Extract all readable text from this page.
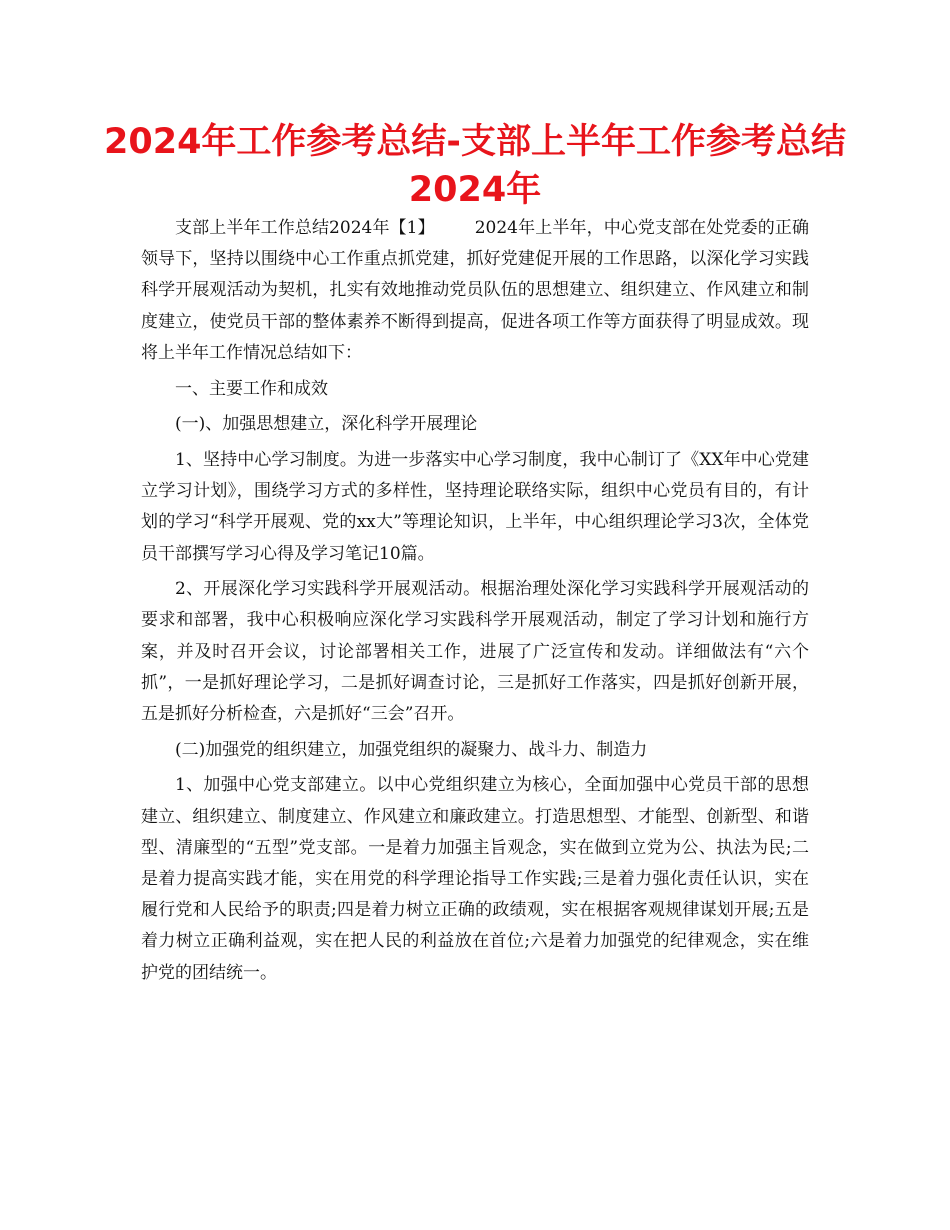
2024年工作参考总结-支部上半年工作参考总结2024年

支部上半年工作总结2024年【1】 2024年上半年，中心党支部在处党委的正确领导下，坚持以围绕中心工作重点抓党建，抓好党建促开展的工作思路，以深化学习实践科学开展观活动为契机，扎实有效地推动党员队伍的思想建立、组织建立、作风建立和制度建立，使党员干部的整体素养不断得到提高，促进各项工作等方面获得了明显成效。现将上半年工作情况总结如下：

一、主要工作和成效

(一)、加强思想建立，深化科学开展理论

1、坚持中心学习制度。为进一步落实中心学习制度，我中心制订了《XX年中心党建立学习计划》，围绕学习方式的多样性，坚持理论联络实际，组织中心党员有目的，有计划的学习“科学开展观、党的xx大”等理论知识，上半年，中心组织理论学习3次，全体党员干部撰写学习心得及学习笔记10篇。

2、开展深化学习实践科学开展观活动。根据治理处深化学习实践科学开展观活动的要求和部署，我中心积极响应深化学习实践科学开展观活动，制定了学习计划和施行方案，并及时召开会议，讨论部署相关工作，进展了广泛宣传和发动。详细做法有“六个抓”，一是抓好理论学习，二是抓好调查讨论，三是抓好工作落实，四是抓好创新开展，五是抓好分析检查，六是抓好“三会”召开。

(二)加强党的组织建立，加强党组织的凝聚力、战斗力、制造力

1、加强中心党支部建立。以中心党组织建立为核心，全面加强中心党员干部的思想建立、组织建立、制度建立、作风建立和廉政建立。打造思想型、才能型、创新型、和谐型、清廉型的“五型”党支部。一是着力加强主旨观念，实在做到立党为公、执法为民;二是着力提高实践才能，实在用党的科学理论指导工作实践;三是着力强化责任认识，实在履行党和人民给予的职责;四是着力树立正确的政绩观，实在根据客观规律谋划开展;五是着力树立正确利益观，实在把人民的利益放在首位;六是着力加强党的纪律观念，实在维护党的团结统一。
